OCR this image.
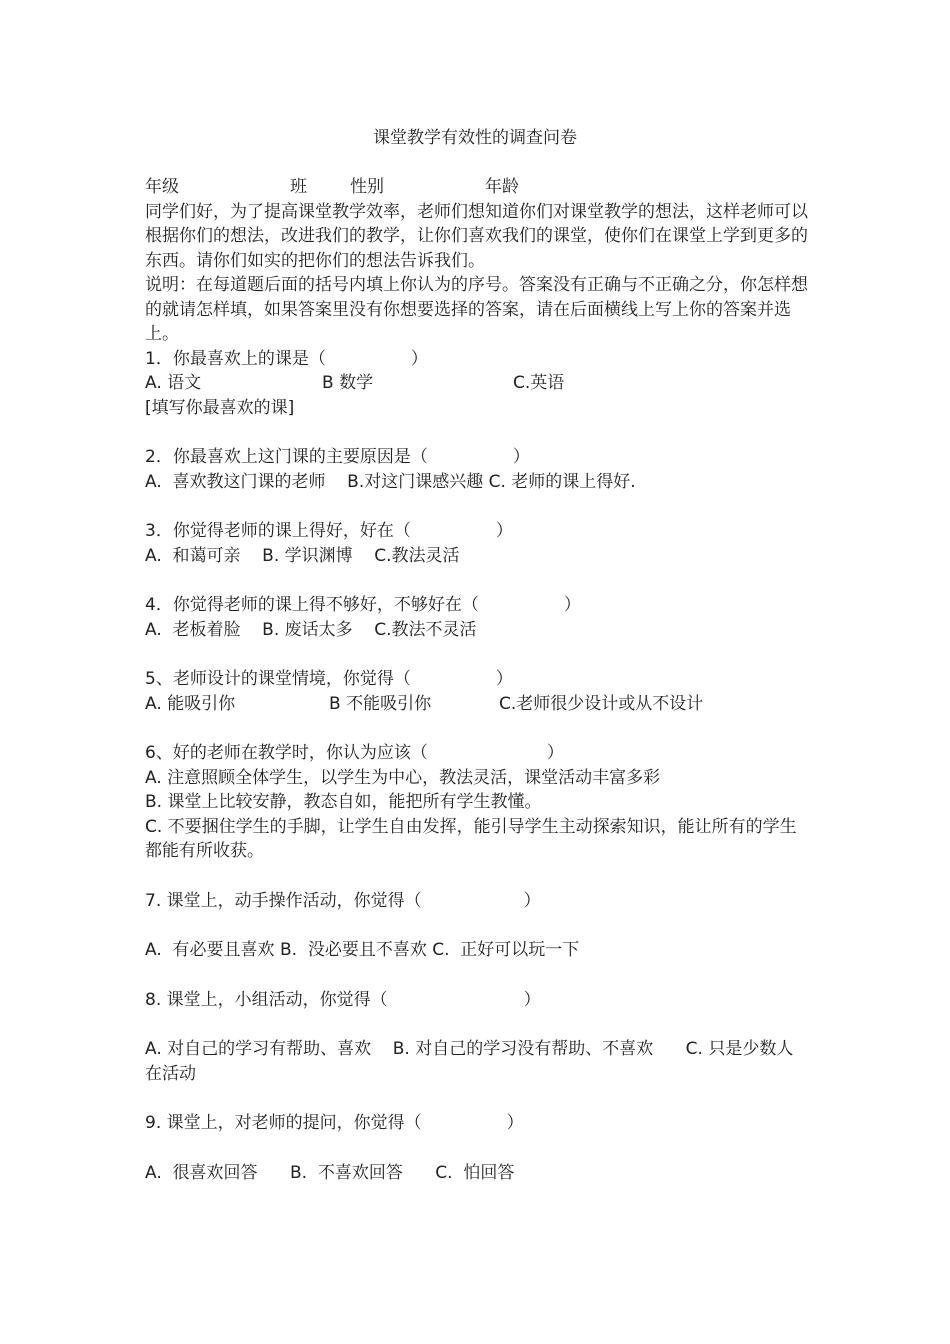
课堂教学有效性的调查问卷
年级	班	性别	年龄

同学们好，为了提高课堂教学效率，老师们想知道你们对课堂教学的想法，这样老师可以根据你们的想法，改进我们的教学，让你们喜欢我们的课堂，使你们在课堂上学到更多的东西。请你们如实的把你们的想法告诉我们。

说明：在每道题后面的括号内填上你认为的序号。答案没有正确与不正确之分，你怎样想的就请怎样填，如果答案里没有你想要选择的答案，请在后面横线上写上你的答案并选上。

1．你最喜欢上的课是（　　　　　）
A. 语文	B 数学	C.英语
[填写你最喜欢的课]
2．你最喜欢上这门课的主要原因是（　　　　　）
A.  喜欢教这门课的老师    B.对这门课感兴趣 C. 老师的课上得好.
3．你觉得老师的课上得好，好在（　　　　　）
A.  和蔼可亲    B. 学识渊博    C.教法灵活
4．你觉得老师的课上得不够好，不够好在（　　　　　）
A.  老板着脸    B. 废话太多    C.教法不灵活
5、老师设计的课堂情境，你觉得（　　　　　）
A. 能吸引你	B 不能吸引你	C.老师很少设计或从不设计
6、好的老师在教学时，你认为应该（　　　　　　　）
A. 注意照顾全体学生，以学生为中心，教法灵活，课堂活动丰富多彩
B. 课堂上比较安静，教态自如，能把所有学生教懂。
C. 不要捆住学生的手脚，让学生自由发挥，能引导学生主动探索知识，能让所有的学生都能有所收获。
7. 课堂上，动手操作活动，你觉得（　　　　　　）
A.  有必要且喜欢 B.  没必要且不喜欢 C.  正好可以玩一下
8. 课堂上，小组活动，你觉得（　　　　　　　　）
A. 对自己的学习有帮助、喜欢    B. 对自己的学习没有帮助、不喜欢      C. 只是少数人在活动
9. 课堂上，对老师的提问，你觉得（　　　　　）
A.  很喜欢回答      B.  不喜欢回答      C.  怕回答
